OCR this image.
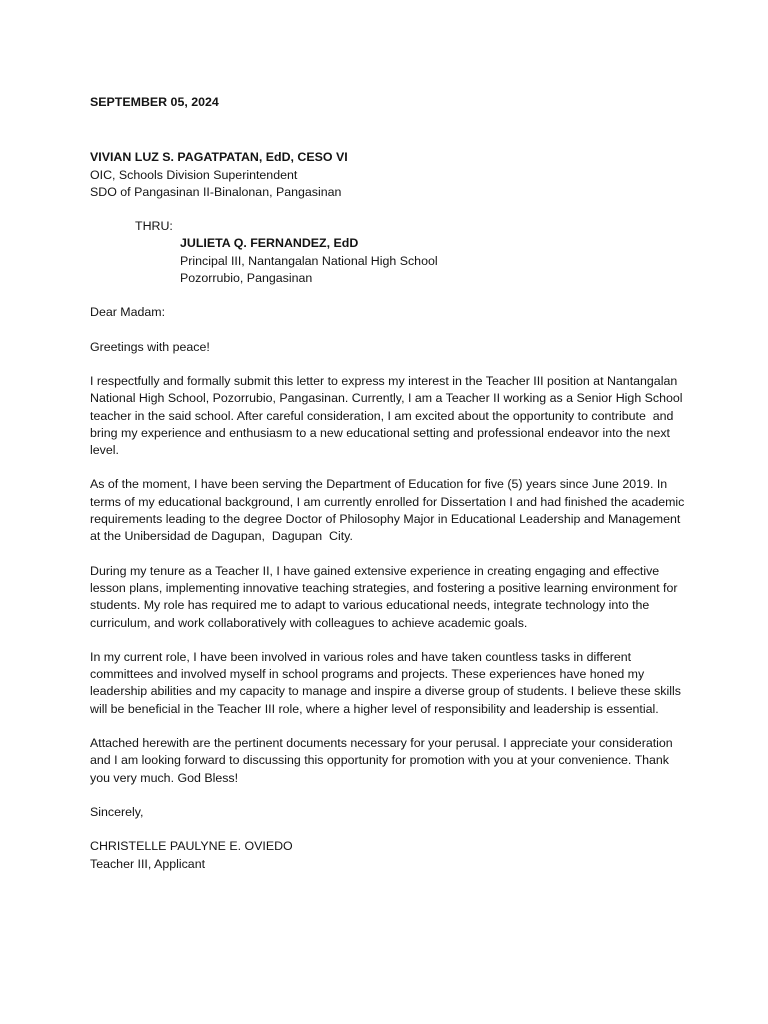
SEPTEMBER 05, 2024

VIVIAN LUZ S. PAGATPATAN, EdD, CESO VI

OIC, Schools Division Superintendent

SDO of Pangasinan II-Binalonan, Pangasinan

THRU:

JULIETA Q. FERNANDEZ, EdD

Principal III, Nantangalan National High School

Pozorrubio, Pangasinan

Dear Madam:

Greetings with peace!

I respectfully and formally submit this letter to express my interest in the Teacher III position at Nantangalan National High School, Pozorrubio, Pangasinan. Currently, I am a Teacher II working as a Senior High School teacher in the said school. After careful consideration, I am excited about the opportunity to contribute  and bring my experience and enthusiasm to a new educational setting and professional endeavor into the next level.

As of the moment, I have been serving the Department of Education for five (5) years since June 2019. In terms of my educational background, I am currently enrolled for Dissertation I and had finished the academic requirements leading to the degree Doctor of Philosophy Major in Educational Leadership and Management at the Unibersidad de Dagupan,  Dagupan  City.

During my tenure as a Teacher II, I have gained extensive experience in creating engaging and effective lesson plans, implementing innovative teaching strategies, and fostering a positive learning environment for students. My role has required me to adapt to various educational needs, integrate technology into the curriculum, and work collaboratively with colleagues to achieve academic goals.

In my current role, I have been involved in various roles and have taken countless tasks in different committees and involved myself in school programs and projects. These experiences have honed my leadership abilities and my capacity to manage and inspire a diverse group of students. I believe these skills will be beneficial in the Teacher III role, where a higher level of responsibility and leadership is essential.

Attached herewith are the pertinent documents necessary for your perusal. I appreciate your consideration and I am looking forward to discussing this opportunity for promotion with you at your convenience. Thank you very much. God Bless!

Sincerely,

CHRISTELLE PAULYNE E. OVIEDO

Teacher III, Applicant
